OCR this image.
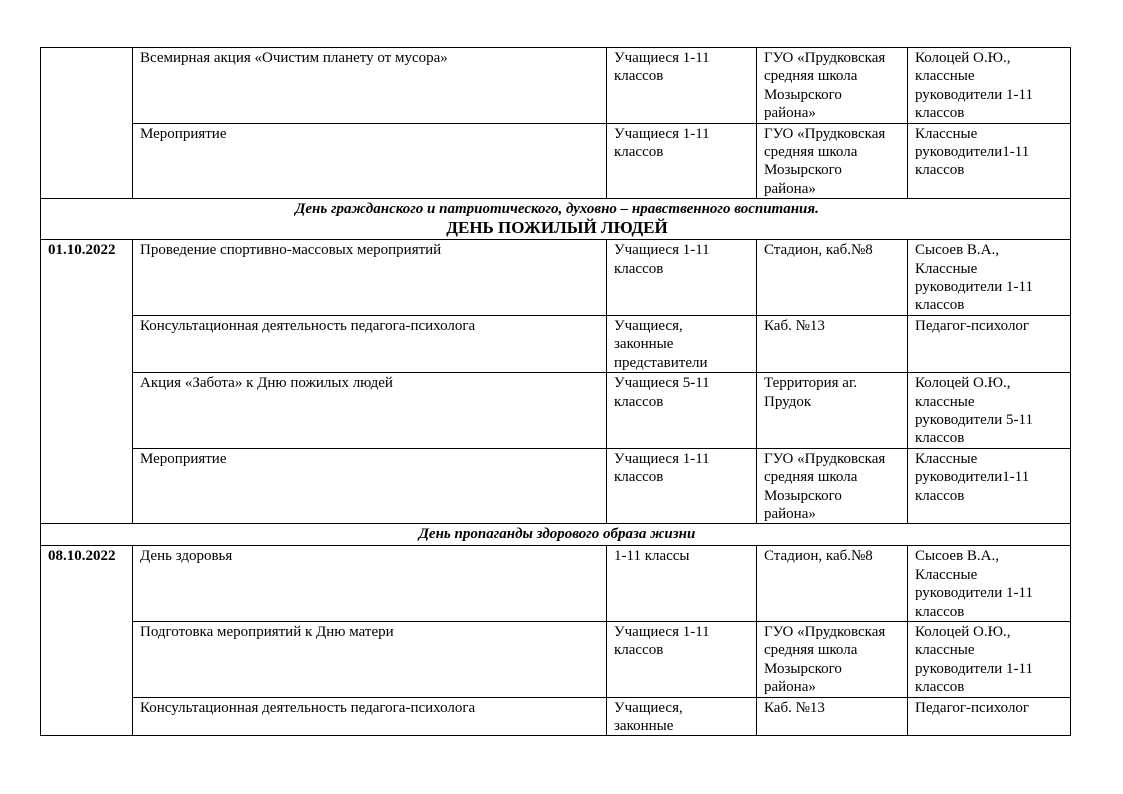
	Всемирная акция «Очистим планету от мусора»	Учащиеся 1-11
классов	ГУО «Прудковская
средняя школа
Мозырского
района»	Колоцей О.Ю.,
классные
руководители 1-11
классов
	Мероприятие	Учащиеся 1-11
классов	ГУО «Прудковская
средняя школа
Мозырского
района»	Классные
руководители1-11
классов

День гражданского и патриотического, духовно – нравственного воспитания.
ДЕНЬ ПОЖИЛЫЙ ЛЮДЕЙ				

01.10.2022	Проведение спортивно-массовых мероприятий	Учащиеся 1-11
классов	Стадион, каб.№8	Сысоев В.А.,
Классные
руководители 1-11
классов
	Консультационная деятельность педагога-психолога	Учащиеся,
законные
представители	Каб. №13	Педагог-психолог
	Акция «Забота» к Дню пожилых людей	Учащиеся 5-11
классов	Территория аг.
Прудок	Колоцей О.Ю.,
классные
руководители 5-11
классов
	Мероприятие	Учащиеся 1-11
классов	ГУО «Прудковская
средняя школа
Мозырского
района»	Классные
руководители1-11
классов

День пропаганды здорового образа жизни				

08.10.2022	День здоровья	1-11 классы	Стадион, каб.№8	Сысоев В.А.,
Классные
руководители 1-11
классов
	Подготовка мероприятий к Дню матери	Учащиеся 1-11
классов	ГУО «Прудковская
средняя школа
Мозырского
района»	Колоцей О.Ю.,
классные
руководители 1-11
классов
	Консультационная деятельность педагога-психолога	Учащиеся,
законные	Каб. №13	Педагог-психолог
